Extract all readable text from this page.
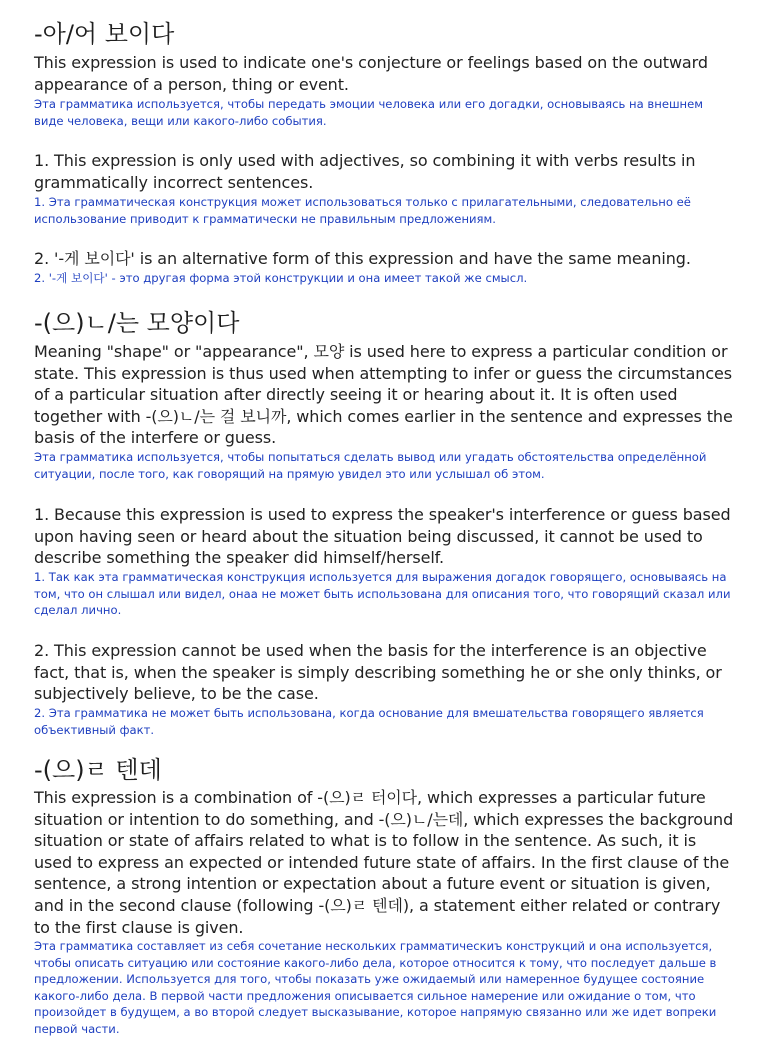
-아/어 보이다

This expression is used to indicate one's conjecture or feelings based on the outward appearance of a person, thing or event.

Эта грамматика используется, чтобы передать эмоции человека или его догадки, основываясь на внешнем виде человека, вещи или какого-либо события.

1. This expression is only used with adjectives, so combining it with verbs results in grammatically incorrect sentences.

1. Эта грамматическая конструкция может использоваться только с прилагательными, следовательно её использование приводит к грамматически не правильным предложениям.

2. '-게 보이다' is an alternative form of this expression and have the same meaning.

2. '-게 보이다' - это другая форма этой конструкции и она имеет такой же смысл.

-(으)ㄴ/는 모양이다

Meaning "shape" or "appearance", 모양 is used here to express a particular condition or state. This expression is thus used when attempting to infer or guess the circumstances of a particular situation after directly seeing it or hearing about it. It is often used together with -(으)ㄴ/는 걸 보니까, which comes earlier in the sentence and expresses the basis of the interfere or guess.

Эта грамматика используется, чтобы попытаться сделать вывод или угадать обстоятельства определённой ситуации, после того, как говорящий на прямую увидел это или услышал об этом.

1. Because this expression is used to express the speaker's interference or guess based upon having seen or heard about the situation being discussed, it cannot be used to describe something the speaker did himself/herself.

1. Так как эта грамматическая конструкция используется для выражения догадок говорящего, основываясь на том, что он слышал или видел, онаа не может быть использована для описания того, что говорящий сказал или сделал лично.

2. This expression cannot be used when the basis for the interference is an objective fact, that is, when the speaker is simply describing something he or she only thinks, or subjectively believe, to be the case.

2. Эта грамматика не может быть использована, когда основание для вмешательства говорящего является объективный факт.

-(으)ㄹ 텐데

This expression is a combination of -(으)ㄹ 터이다, which expresses a particular future situation or intention to do something, and -(으)ㄴ/는데, which expresses the background situation or state of affairs related to what is to follow in the sentence. As such, it is used to express an expected or intended future state of affairs. In the first clause of the sentence, a strong intention or expectation about a future event or situation is given, and in the second clause (following -(으)ㄹ 텐데), a statement either related or contrary to the first clause is given.

Эта грамматика составляет из себя сочетание нескольких грамматическиъ конструкций и она используется, чтобы описать ситуацию или состояние какого-либо дела, которое относится к тому, что последует дальше в предложении. Используется для того, чтобы показать уже ожидаемый или намеренное будущее состояние какого-либо дела. В первой части предложения описывается сильное намерение или ожидание о том, что произойдет в будущем, а во второй следует высказывание, которое напрямую связанно или же идет вопреки первой части.
